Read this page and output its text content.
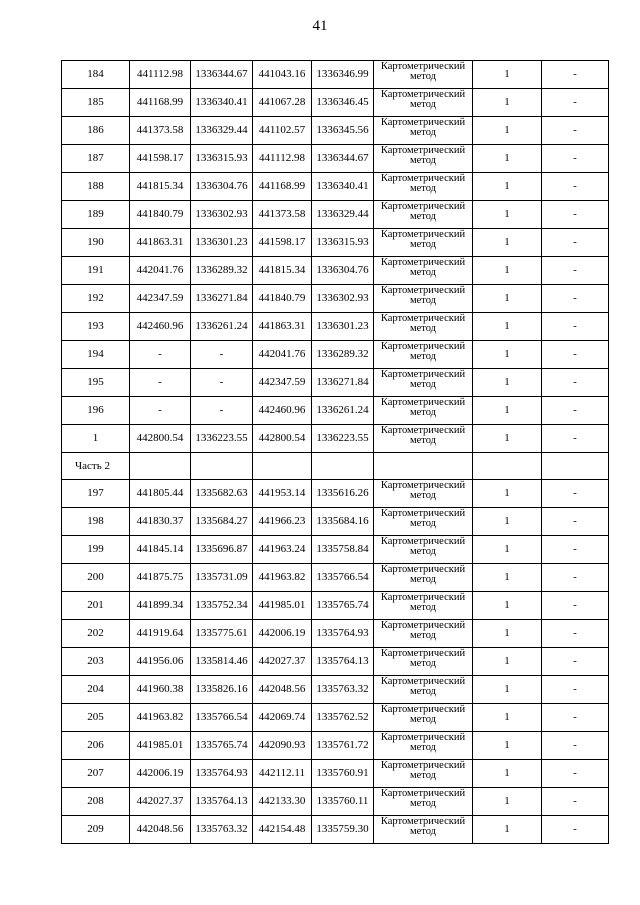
41
184	441112.98	1336344.67	441043.16	1336346.99	Картометрический метод	1	-
185	441168.99	1336340.41	441067.28	1336346.45	Картометрический метод	1	-
186	441373.58	1336329.44	441102.57	1336345.56	Картометрический метод	1	-
187	441598.17	1336315.93	441112.98	1336344.67	Картометрический метод	1	-
188	441815.34	1336304.76	441168.99	1336340.41	Картометрический метод	1	-
189	441840.79	1336302.93	441373.58	1336329.44	Картометрический метод	1	-
190	441863.31	1336301.23	441598.17	1336315.93	Картометрический метод	1	-
191	442041.76	1336289.32	441815.34	1336304.76	Картометрический метод	1	-
192	442347.59	1336271.84	441840.79	1336302.93	Картометрический метод	1	-
193	442460.96	1336261.24	441863.31	1336301.23	Картометрический метод	1	-
194	-	-	442041.76	1336289.32	Картометрический метод	1	-
195	-	-	442347.59	1336271.84	Картометрический метод	1	-
196	-	-	442460.96	1336261.24	Картометрический метод	1	-
1	442800.54	1336223.55	442800.54	1336223.55	Картометрический метод	1	-
Часть 2							
197	441805.44	1335682.63	441953.14	1335616.26	Картометрический метод	1	-
198	441830.37	1335684.27	441966.23	1335684.16	Картометрический метод	1	-
199	441845.14	1335696.87	441963.24	1335758.84	Картометрический метод	1	-
200	441875.75	1335731.09	441963.82	1335766.54	Картометрический метод	1	-
201	441899.34	1335752.34	441985.01	1335765.74	Картометрический метод	1	-
202	441919.64	1335775.61	442006.19	1335764.93	Картометрический метод	1	-
203	441956.06	1335814.46	442027.37	1335764.13	Картометрический метод	1	-
204	441960.38	1335826.16	442048.56	1335763.32	Картометрический метод	1	-
205	441963.82	1335766.54	442069.74	1335762.52	Картометрический метод	1	-
206	441985.01	1335765.74	442090.93	1335761.72	Картометрический метод	1	-
207	442006.19	1335764.93	442112.11	1335760.91	Картометрический метод	1	-
208	442027.37	1335764.13	442133.30	1335760.11	Картометрический метод	1	-
209	442048.56	1335763.32	442154.48	1335759.30	Картометрический метод	1	-
